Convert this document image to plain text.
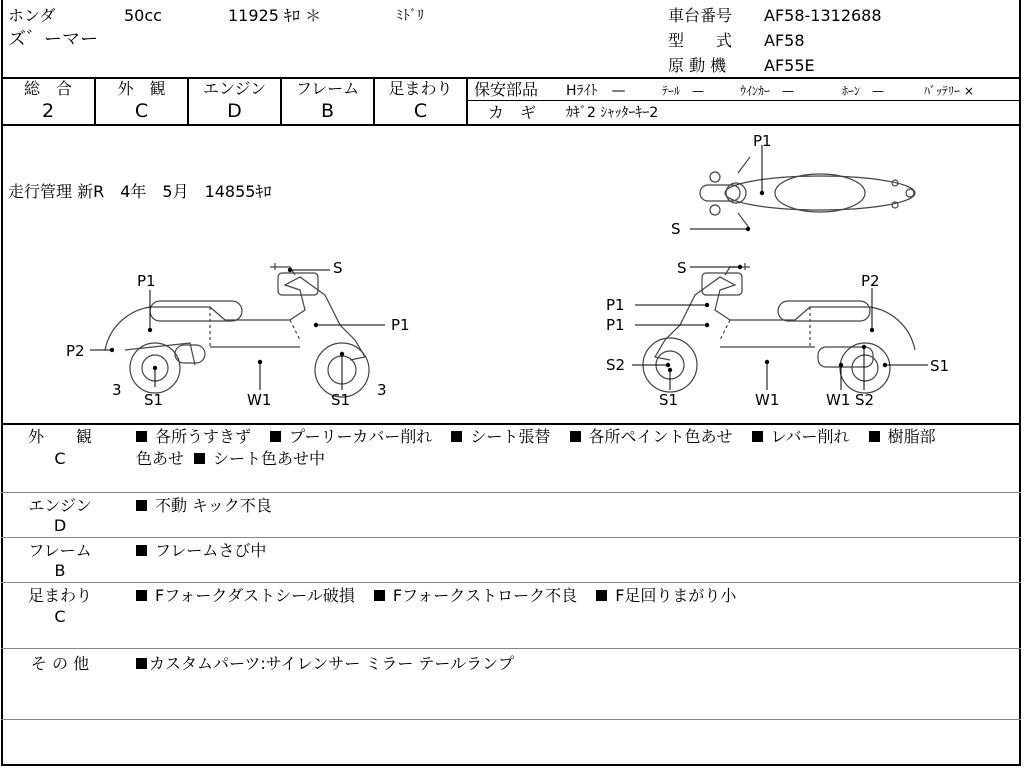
ホンダ	50cc	11925 ｷﾛ ＊	ﾐﾄﾞﾘ
ズ゛ーマー
車台番号 AF58-1312688
型　　式 AF58
原 動 機 AF55E
総　合
2
外　観
C
エンジン
D
フレーム
B
足まわり
C
保安部品 Hﾗｲﾄ　—	ﾃｰﾙ　—	ｳｲﾝｶｰ　—	ﾎｰﾝ　—	ﾊﾞｯﾃﾘｰ ×
カ　ギ ｶｷﾞ2 ｼｬｯﾀｰｷｰ2
走行管理 新R　4年　5月　14855ｷﾛ
P1
S
P1
S
P1
P2
3
S1	W1	S1
3
S
P2
P1
P1
S2	S1
S1	W1	W1 S2
外　　観
C
各所うすきず プーリーカバー削れ シート張替 各所ペイント色あせ レバー削れ 樹脂部
色あせ シート色あせ中
エンジン
D
不動 キック不良
フレーム
B
フレームさび中
足まわり
C
Fフォークダストシール破損 Fフォークストローク不良 F足回りまがり小
そ の 他	カスタムパーツ:サイレンサー ミラー テールランプ
